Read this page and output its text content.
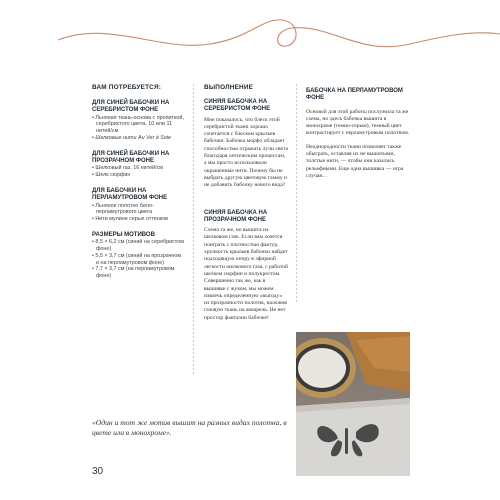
ВАМ ПОТРЕБУЕТСЯ:
ДЛЯ СИНЕЙ БАБОЧКИ НА СЕРЕБРИСТОМ ФОНЕ
• Льняная ткань-основа с пропиткой, серебристого цвета, 10 или 11 нитей/см
• Шелковые нити Au Ver à Soie
ДЛЯ СИНЕЙ БАБОЧКИ НА ПРОЗРАЧНОМ ФОНЕ
• Шелковый газ, 16 нитей/см
• Шелк сюрфин
ДЛЯ БАБОЧКИ НА ПЕРЛАМУТРОВОМ ФОНЕ
• Льняное полотно бело-перламутрового цвета
• Нити мулине серых оттенков
РАЗМЕРЫ МОТИВОВ
• 8,5 × 6,2 см (синий на серебристом фоне)
• 5,5 × 3,7 см (синий на прозрачном и на перламутровом фоне)
• 7,7 × 3,7 см (на перламутровом фоне)
ВЫПОЛНЕНИЕ
СИНЯЯ БАБОЧКА НА СЕРЕБРИСТОМ ФОНЕ
Мне показалось, что блеск этой серебристой ткани хорошо сочетается с блеском крыльев бабочки. Бабочка морфо обладает способностью отражать лучи света благодаря оптическим процессам, а мы просто использовали окрашенные нити. Почему бы не выбрать другую цветовую гамму и не добавить бабочку нового вида?
СИНЯЯ БАБОЧКА НА ПРОЗРАЧНОМ ФОНЕ
Схема та же, но вышита на шелковом газе. Если вам хочется поиграть с плотностью фактур, хрупкость крыльев бабочки найдет подходящую опору в эфирной легкости шелкового газа, с работой шелком сюрфин и полукрестом. Совершенно так же, как в вышивке с жуком, мы можем извлечь определенную «выгоду» из прозрачности полотна, наложив газовую ткань на акварель. Не нет простор фантазии бабочке!
БАБОЧКА НА ПЕРЛАМУТРОВОМ ФОНЕ
Основой для этой работы послужила та же схема, но здесь бабочка вышита в монохроме (темно-серым), темный цвет контрастирует с перламутровым полотном.
Неоднородности ткани позволяет также обыграть, оставляя их не вышитыми, толстые нити, — чтобы они казались рельефными. Еще одна вышивка — игра случая…
«Один и тот же мотив вышит на разных видах полотна, в цвете или в монохроме».
30
